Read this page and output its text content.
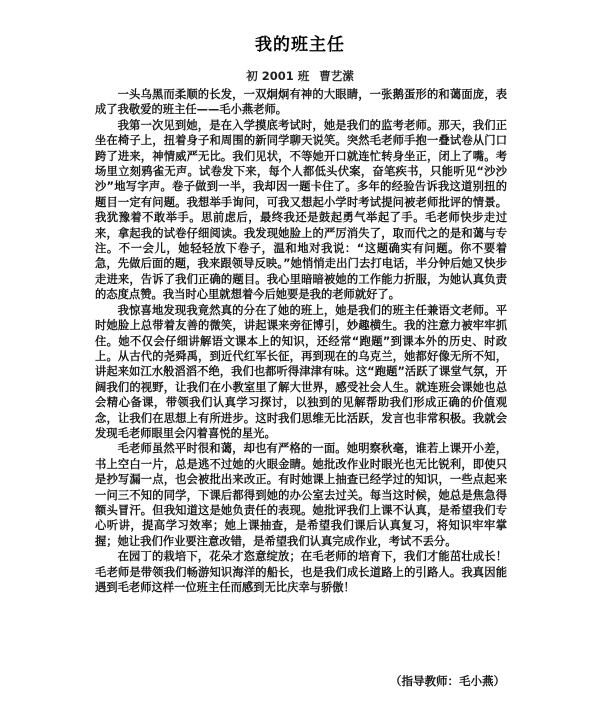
我的班主任
初 2001 班 曹艺潆

一头乌黑而柔顺的长发，一双炯炯有神的大眼睛，一张鹅蛋形的和蔼面庞，表成了我敬爱的班主任——毛小燕老师。

我第一次见到她，是在入学摸底考试时，她是我们的监考老师。那天，我们正坐在椅子上，扭着身子和周围的新同学聊天说笑。突然毛老师手抱一叠试卷从门口跨了进来，神情威严无比。我们见状，不等她开口就连忙转身坐正，闭上了嘴。考场里立刻鸦雀无声。试卷发下来，每个人都低头伏案，奋笔疾书，只能听见“沙沙沙”地写字声。卷子做到一半，我却因一题卡住了。多年的经验告诉我这道别扭的题目一定有问题。我想举手询问，可我又想起小学时考试提问被老师批评的情景。我犹豫着不敢举手。思前虑后，最终我还是鼓起勇气举起了手。毛老师快步走过来，拿起我的试卷仔细阅读。我发现她脸上的严厉消失了，取而代之的是和蔼与专注。不一会儿，她轻轻放下卷子，温和地对我说：“这题确实有问题。你不要着急，先做后面的题，我来跟领导反映。”她悄悄走出门去打电话，半分钟后她又快步走进来，告诉了我们正确的题目。我心里暗暗被她的工作能力折服，为她认真负责的态度点赞。我当时心里就想着今后她要是我的老师就好了。

我惊喜地发现我竟然真的分在了她的班上，她是我们的班主任兼语文老师。平时她脸上总带着友善的微笑，讲起课来旁征博引，妙趣横生。我的注意力被牢牢抓住。她不仅会仔细讲解语文课本上的知识，还经常“跑题”到课本外的历史、时政上。从古代的尧舜禹，到近代红军长征，再到现在的乌克兰，她都好像无所不知，讲起来如江水般滔滔不绝，我们也都听得津津有味。这“跑题”活跃了课堂气氛，开阔我们的视野，让我们在小教室里了解大世界，感受社会人生。就连班会课她也总会精心备课，带领我们认真学习探讨，以独到的见解帮助我们形成正确的价值观念，让我们在思想上有所进步。这时我们思维无比活跃，发言也非常积极。我就会发现毛老师眼里会闪着喜悦的星光。

毛老师虽然平时很和蔼，却也有严格的一面。她明察秋毫，谁若上课开小差，书上空白一片，总是逃不过她的火眼金睛。她批改作业时眼光也无比锐利，即使只是抄写漏一点，也会被批出来改正。有时她课上抽查已经学过的知识，一些点起来一问三不知的同学，下课后都得到她的办公室去过关。每当这时候，她总是焦急得额头冒汗。但我知道这是她负责任的表现。她批评我们上课不认真，是希望我们专心听讲，提高学习效率；她上课抽查，是希望我们课后认真复习，将知识牢牢掌握；她让我们作业要注意改错，是希望我们认真完成作业，考试不丢分。

在园丁的栽培下，花朵才恣意绽放；在毛老师的培育下，我们才能茁壮成长！毛老师是带领我们畅游知识海洋的船长，也是我们成长道路上的引路人。我真因能遇到毛老师这样一位班主任而感到无比庆幸与骄傲！

（指导教师：毛小燕）
